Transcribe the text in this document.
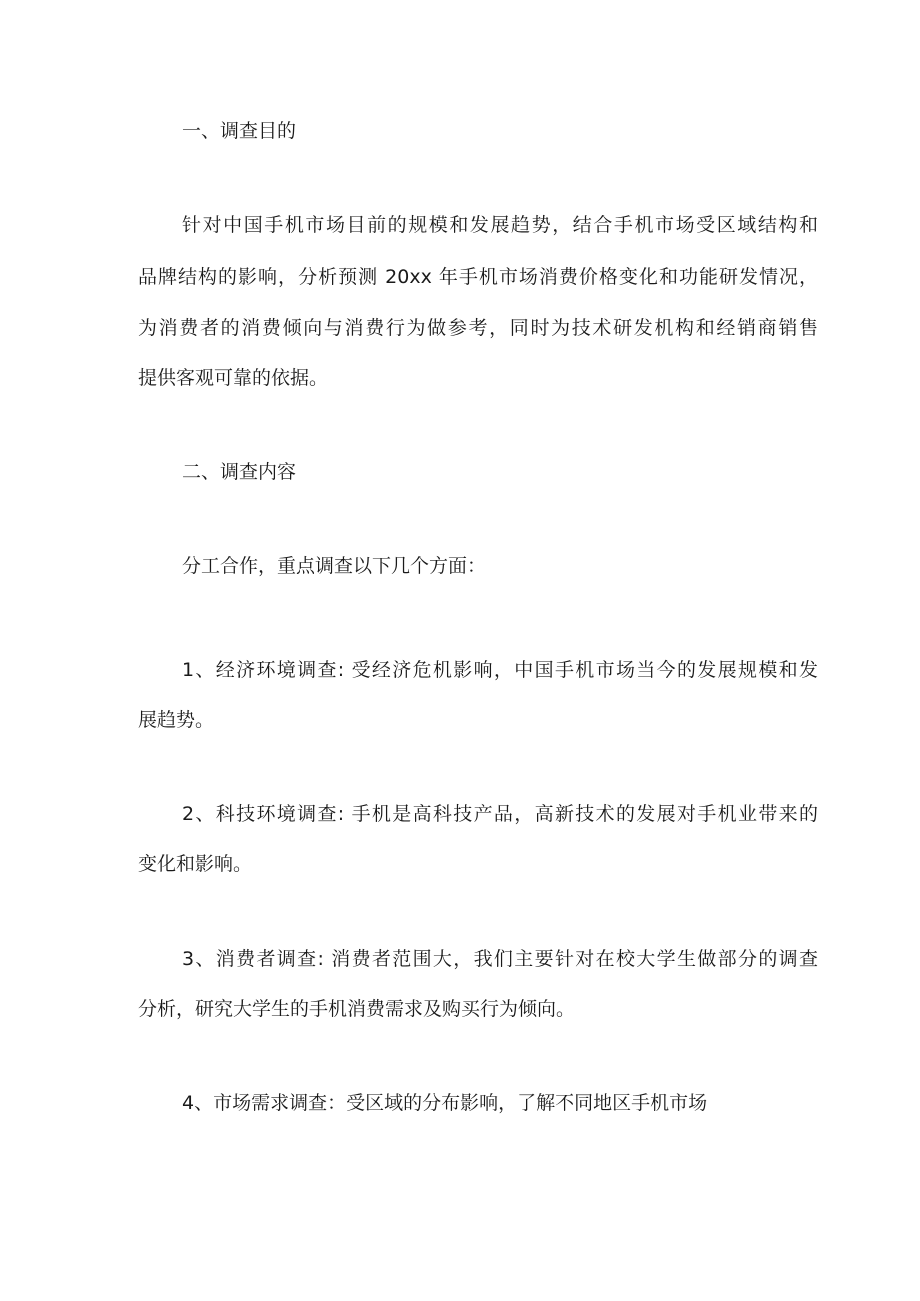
一、调查目的

针对中国手机市场目前的规模和发展趋势，结合手机市场受区域结构和

品牌结构的影响，分析预测 20xx 年手机市场消费价格变化和功能研发情况，

为消费者的消费倾向与消费行为做参考，同时为技术研发机构和经销商销售

提供客观可靠的依据。

二、调查内容

分工合作，重点调查以下几个方面：

1、经济环境调查: 受经济危机影响，中国手机市场当今的发展规模和发

展趋势。

2、科技环境调查: 手机是高科技产品，高新技术的发展对手机业带来的

变化和影响。

3、消费者调查: 消费者范围大，我们主要针对在校大学生做部分的调查

分析，研究大学生的手机消费需求及购买行为倾向。

4、市场需求调查：受区域的分布影响，了解不同地区手机市场
